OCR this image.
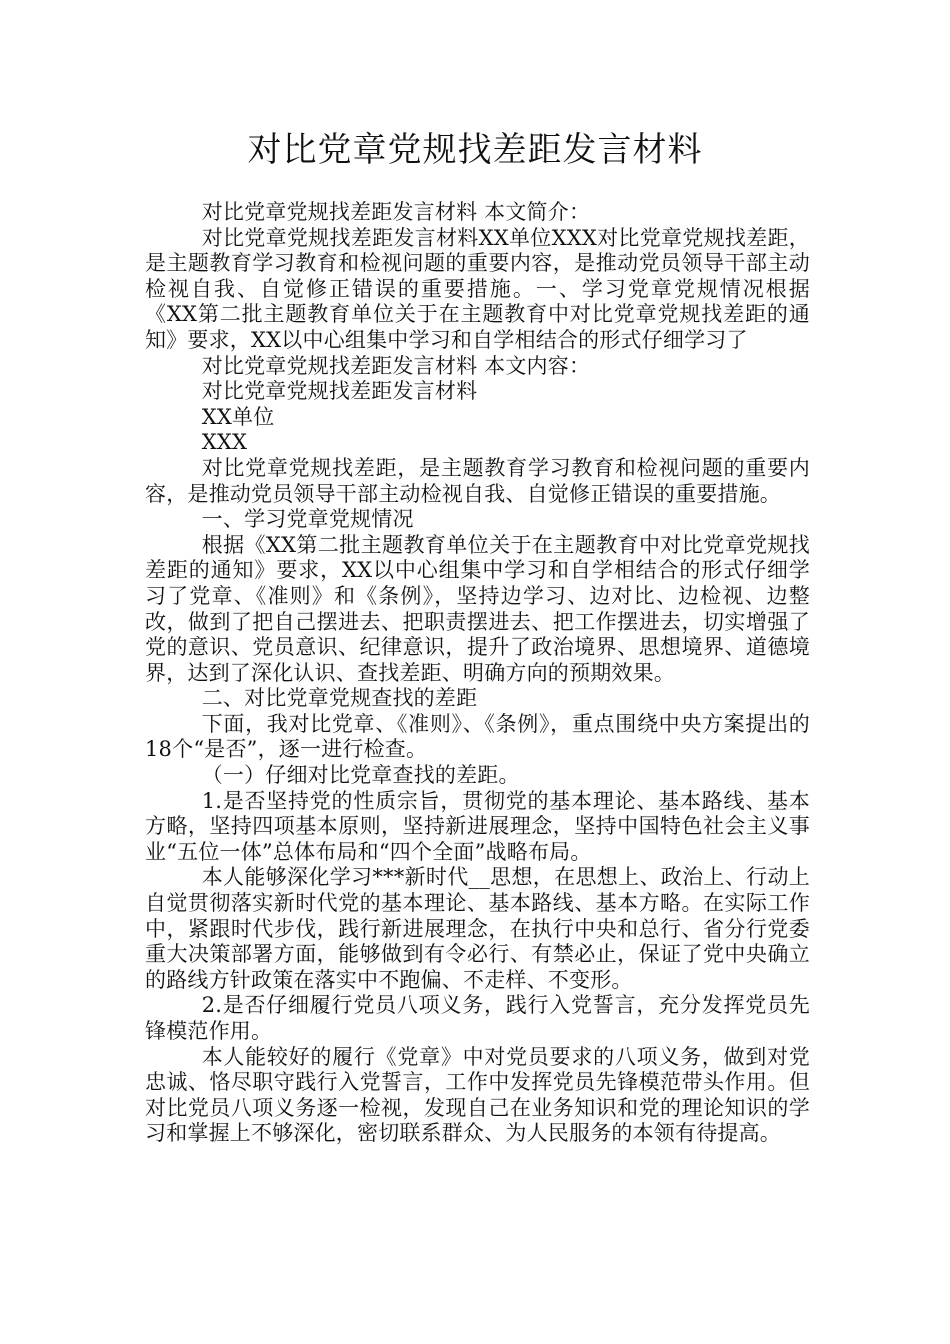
对比党章党规找差距发言材料

对比党章党规找差距发言材料 本文简介：

对比党章党规找差距发言材料XX单位XXX对比党章党规找差距，是主题教育学习教育和检视问题的重要内容，是推动党员领导干部主动检视自我、自觉修正错误的重要措施。一、学习党章党规情况根据《XX第二批主题教育单位关于在主题教育中对比党章党规找差距的通知》要求，XX以中心组集中学习和自学相结合的形式仔细学习了

对比党章党规找差距发言材料 本文内容：

对比党章党规找差距发言材料

XX单位

XXX

对比党章党规找差距，是主题教育学习教育和检视问题的重要内容，是推动党员领导干部主动检视自我、自觉修正错误的重要措施。

一、学习党章党规情况

根据《XX第二批主题教育单位关于在主题教育中对比党章党规找差距的通知》要求，XX以中心组集中学习和自学相结合的形式仔细学习了党章、《准则》和《条例》，坚持边学习、边对比、边检视、边整改，做到了把自己摆进去、把职责摆进去、把工作摆进去，切实增强了党的意识、党员意识、纪律意识，提升了政治境界、思想境界、道德境界，达到了深化认识、查找差距、明确方向的预期效果。

二、对比党章党规查找的差距

下面，我对比党章、《准则》、《条例》，重点围绕中央方案提出的18个“是否”，逐一进行检查。

（一）仔细对比党章查找的差距。

1.是否坚持党的性质宗旨，贯彻党的基本理论、基本路线、基本方略，坚持四项基本原则，坚持新进展理念，坚持中国特色社会主义事业“五位一体”总体布局和“四个全面”战略布局。

本人能够深化学习***新时代__思想，在思想上、政治上、行动上自觉贯彻落实新时代党的基本理论、基本路线、基本方略。在实际工作中，紧跟时代步伐，践行新进展理念，在执行中央和总行、省分行党委重大决策部署方面，能够做到有令必行、有禁必止，保证了党中央确立的路线方针政策在落实中不跑偏、不走样、不变形。

2.是否仔细履行党员八项义务，践行入党誓言，充分发挥党员先锋模范作用。

本人能较好的履行《党章》中对党员要求的八项义务，做到对党忠诚、恪尽职守践行入党誓言，工作中发挥党员先锋模范带头作用。但对比党员八项义务逐一检视，发现自己在业务知识和党的理论知识的学习和掌握上不够深化，密切联系群众、为人民服务的本领有待提高。
